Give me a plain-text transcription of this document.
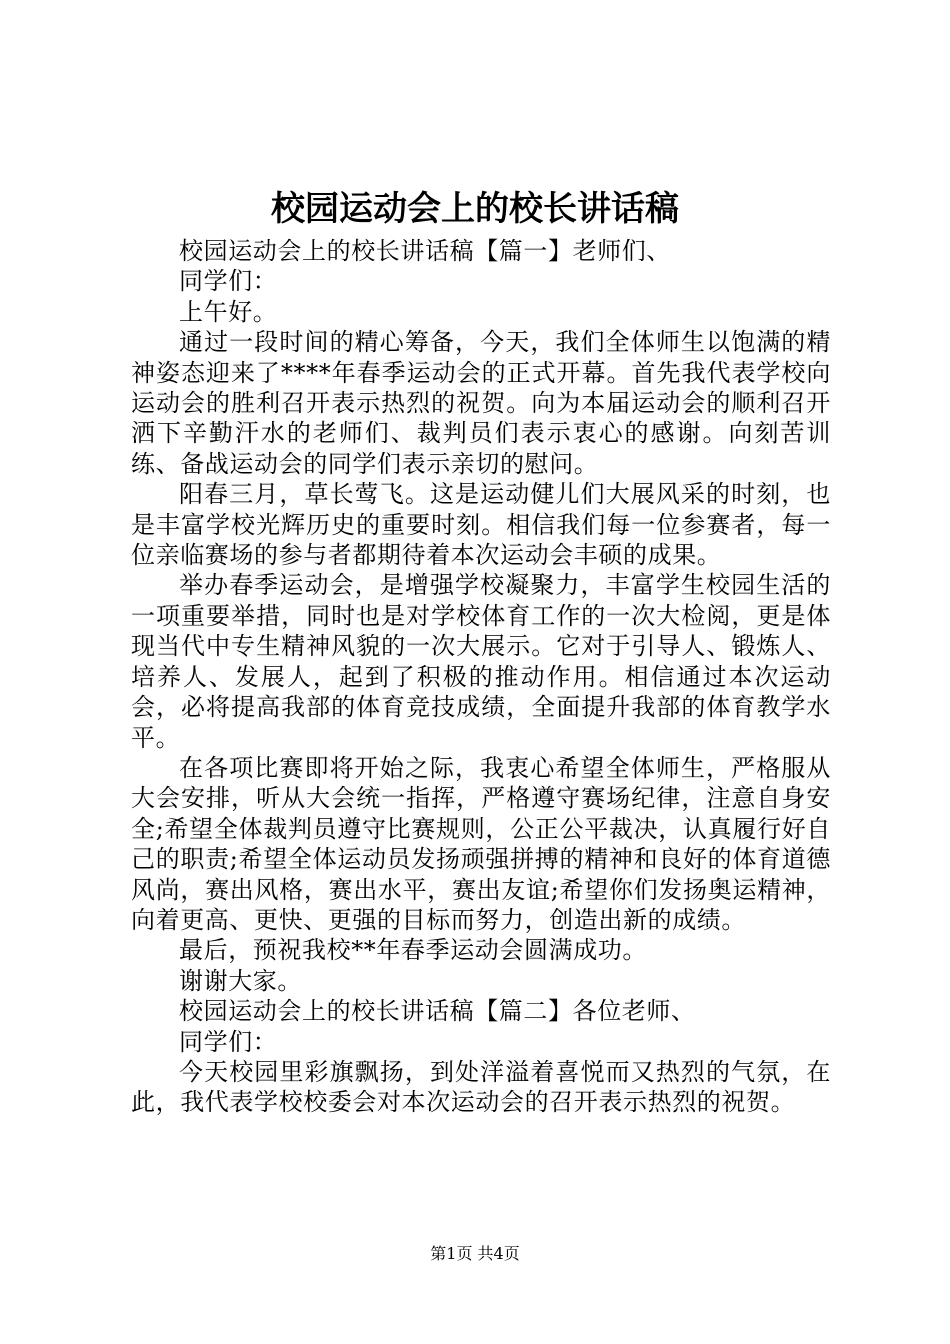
校园运动会上的校长讲话稿

校园运动会上的校长讲话稿【篇一】老师们、

同学们：

上午好。

通过一段时间的精心筹备，今天，我们全体师生以饱满的精神姿态迎来了****年春季运动会的正式开幕。首先我代表学校向运动会的胜利召开表示热烈的祝贺。向为本届运动会的顺利召开洒下辛勤汗水的老师们、裁判员们表示衷心的感谢。向刻苦训练、备战运动会的同学们表示亲切的慰问。

阳春三月，草长莺飞。这是运动健儿们大展风采的时刻，也是丰富学校光辉历史的重要时刻。相信我们每一位参赛者，每一位亲临赛场的参与者都期待着本次运动会丰硕的成果。

举办春季运动会，是增强学校凝聚力，丰富学生校园生活的一项重要举措，同时也是对学校体育工作的一次大检阅，更是体现当代中专生精神风貌的一次大展示。它对于引导人、锻炼人、培养人、发展人，起到了积极的推动作用。相信通过本次运动会，必将提高我部的体育竞技成绩，全面提升我部的体育教学水平。

在各项比赛即将开始之际，我衷心希望全体师生，严格服从大会安排，听从大会统一指挥，严格遵守赛场纪律，注意自身安全;希望全体裁判员遵守比赛规则，公正公平裁决，认真履行好自己的职责;希望全体运动员发扬顽强拼搏的精神和良好的体育道德风尚，赛出风格，赛出水平，赛出友谊;希望你们发扬奥运精神，向着更高、更快、更强的目标而努力，创造出新的成绩。

最后，预祝我校**年春季运动会圆满成功。

谢谢大家。

校园运动会上的校长讲话稿【篇二】各位老师、

同学们：

今天校园里彩旗飘扬，到处洋溢着喜悦而又热烈的气氛，在此，我代表学校校委会对本次运动会的召开表示热烈的祝贺。

第1页 共4页
